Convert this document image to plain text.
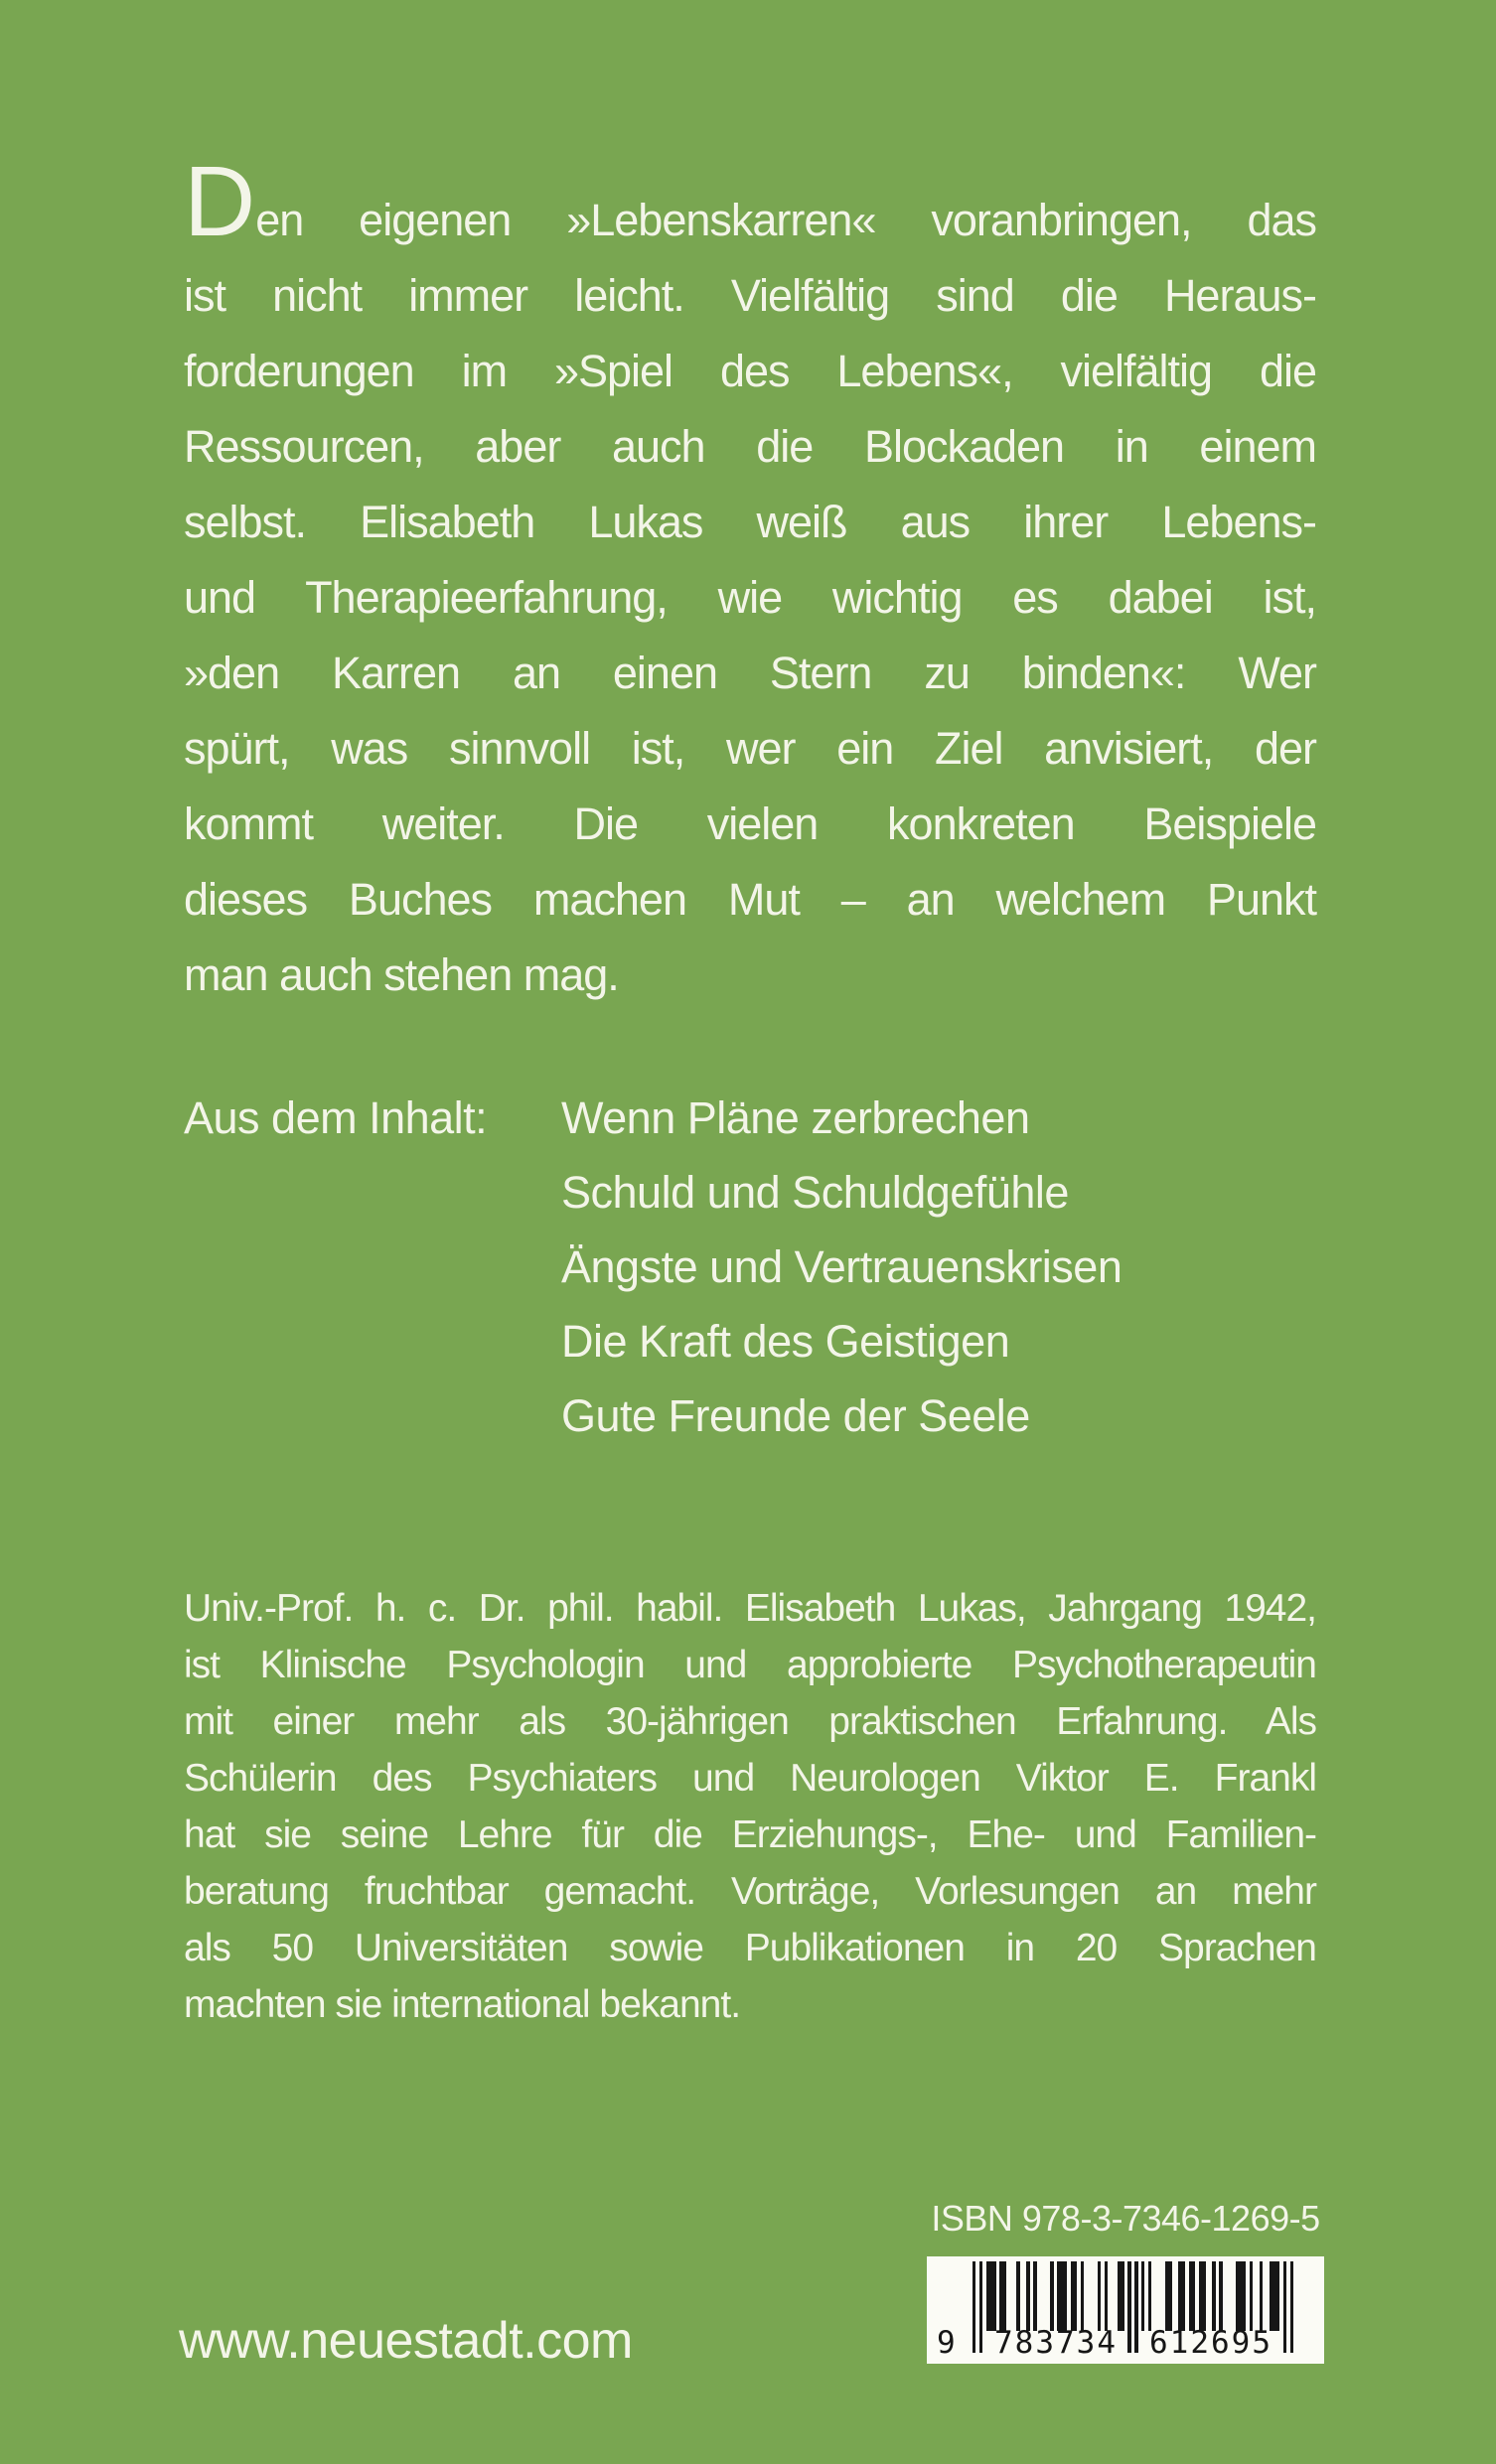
Den eigenen »Lebenskarren« voranbringen, das
ist nicht immer leicht. Vielfältig sind die Heraus-
forderungen im »Spiel des Lebens«, vielfältig die
Ressourcen, aber auch die Blockaden in einem
selbst. Elisabeth Lukas weiß aus ihrer Lebens-
und Therapieerfahrung, wie wichtig es dabei ist,
»den Karren an einen Stern zu binden«: Wer
spürt, was sinnvoll ist, wer ein Ziel anvisiert, der
kommt weiter. Die vielen konkreten Beispiele
dieses Buches machen Mut – an welchem Punkt
man auch stehen mag.
Aus dem Inhalt: Wenn Pläne zerbrechen
Schuld und Schuldgefühle
Ängste und Vertrauenskrisen
Die Kraft des Geistigen
Gute Freunde der Seele
Univ.-Prof. h. c. Dr. phil. habil. Elisabeth Lukas, Jahrgang 1942,
ist Klinische Psychologin und approbierte Psychotherapeutin
mit einer mehr als 30-jährigen praktischen Erfahrung. Als
Schülerin des Psychiaters und Neurologen Viktor E. Frankl
hat sie seine Lehre für die Erziehungs-, Ehe- und Familien-
beratung fruchtbar gemacht. Vorträge, Vorlesungen an mehr
als 50 Universitäten sowie Publikationen in 20 Sprachen
machten sie international bekannt.
ISBN 978-3-7346-1269-5
9 783734 612695
www.neuestadt.com
